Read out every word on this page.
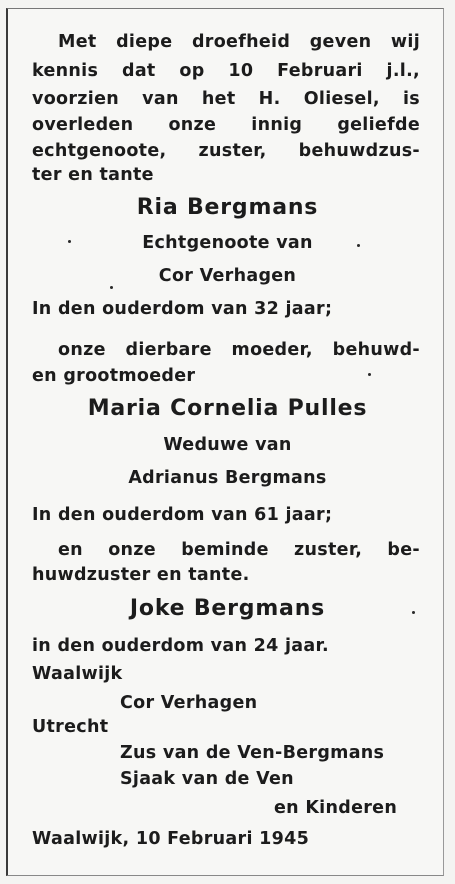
Met diepe droefheid geven wij
kennis dat op 10 Februari j.l.,
voorzien van het H. Oliesel, is
overleden onze innig geliefde
echtgenoote, zuster, behuwdzus-
ter en tante
Ria Bergmans
Echtgenoote van
Cor Verhagen
In den ouderdom van 32 jaar;
onze dierbare moeder, behuwd-
en grootmoeder
Maria Cornelia Pulles
Weduwe van
Adrianus Bergmans
In den ouderdom van 61 jaar;
en onze beminde zuster, be-
huwdzuster en tante.
Joke Bergmans
in den ouderdom van 24 jaar.
Waalwijk
Cor Verhagen
Utrecht
Zus van de Ven-Bergmans
Sjaak van de Ven
en Kinderen
Waalwijk, 10 Februari 1945
